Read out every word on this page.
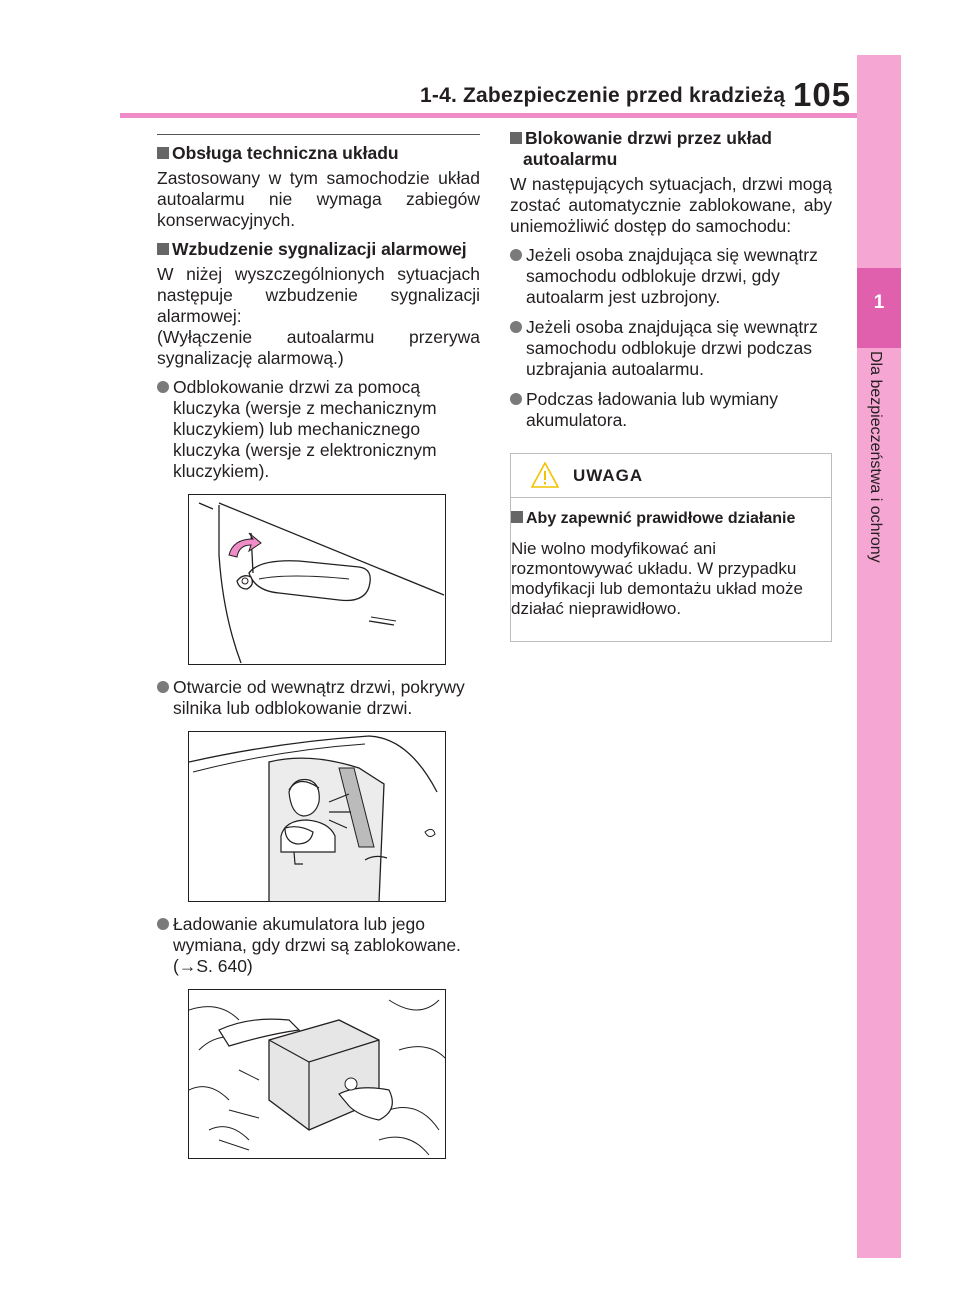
1-4. Zabezpieczenie przed kradzieżą 105
1
Dla bezpieczeństwa i ochrony
Obsługa techniczna układu
Zastosowany w tym samochodzie układ autoalarmu nie wymaga zabiegów konserwacyjnych.
Wzbudzenie sygnalizacji alarmowej
W niżej wyszczególnionych sytuacjach następuje wzbudzenie sygnalizacji alarmowej:
(Wyłączenie autoalarmu przerywa sygnalizację alarmową.)
Odblokowanie drzwi za pomocą kluczyka (wersje z mechanicznym kluczykiem) lub mechanicznego kluczyka (wersje z elektronicznym kluczykiem).
Otwarcie od wewnątrz drzwi, pokrywy silnika lub odblokowanie drzwi.
Ładowanie akumulatora lub jego wymiana, gdy drzwi są zablokowane. (→S. 640)
Blokowanie drzwi przez układ autoalarmu
W następujących sytuacjach, drzwi mogą zostać automatycznie zablokowane, aby uniemożliwić dostęp do samochodu:
Jeżeli osoba znajdująca się wewnątrz samochodu odblokuje drzwi, gdy autoalarm jest uzbrojony.
Jeżeli osoba znajdująca się wewnątrz samochodu odblokuje drzwi podczas uzbrajania autoalarmu.
Podczas ładowania lub wymiany akumulatora.
UWAGA
Aby zapewnić prawidłowe działanie
Nie wolno modyfikować ani rozmontowywać układu. W przypadku modyfikacji lub demontażu układ może działać nieprawidłowo.
